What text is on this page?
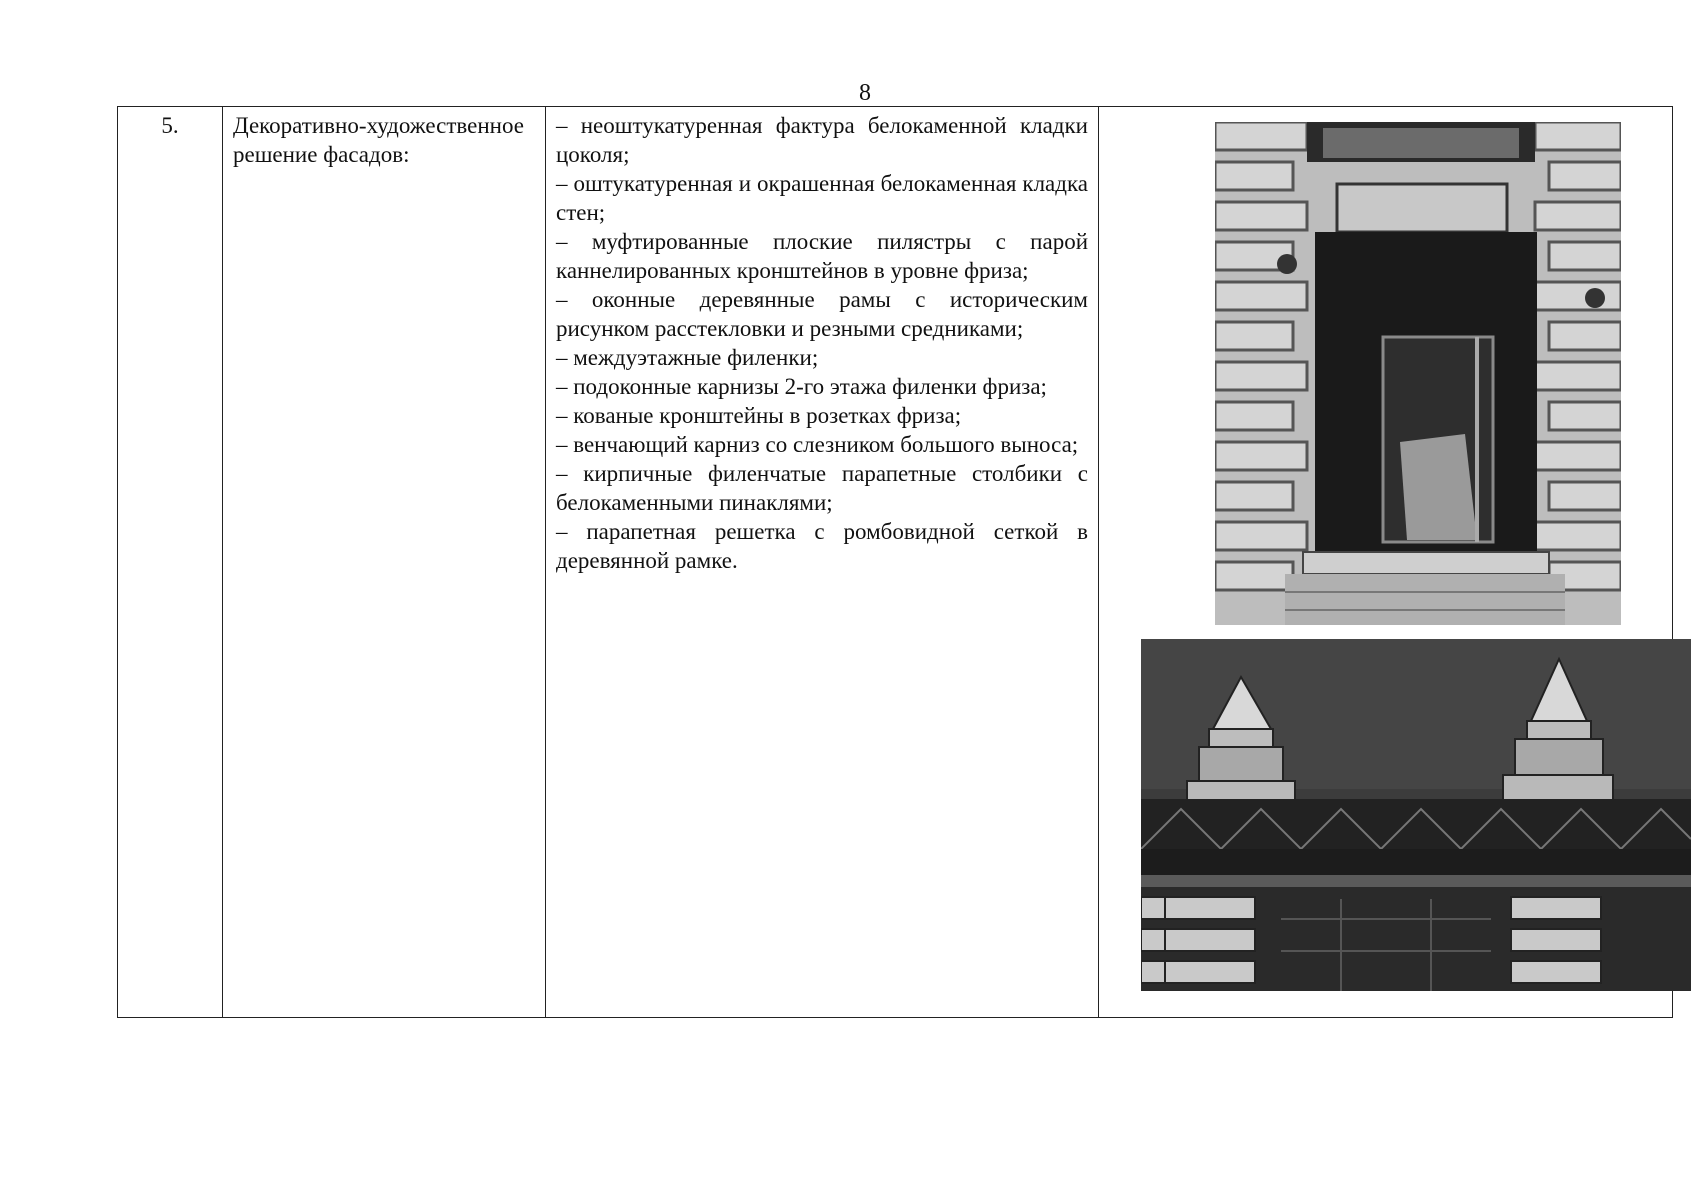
8
5.	Декоративно-художественное решение фасадов:	

– неоштукатуренная фактура белокаменной кладки цоколя;

– оштукатуренная и окрашенная белокаменная кладка стен;

– муфтированные плоские пилястры с парой каннелированных кронштейнов в уровне фриза;

– оконные деревянные рамы с историческим рисунком расстекловки и резными средниками;

– междуэтажные филенки;

– подоконные карнизы 2-го этажа филенки фриза;

– кованые кронштейны в розетках фриза;

– венчающий карниз со слезником большого выноса;

– кирпичные филенчатые парапетные столбики с белокаменными пинаклями;

– парапетная решетка с ромбовидной сеткой в деревянной рамке.
